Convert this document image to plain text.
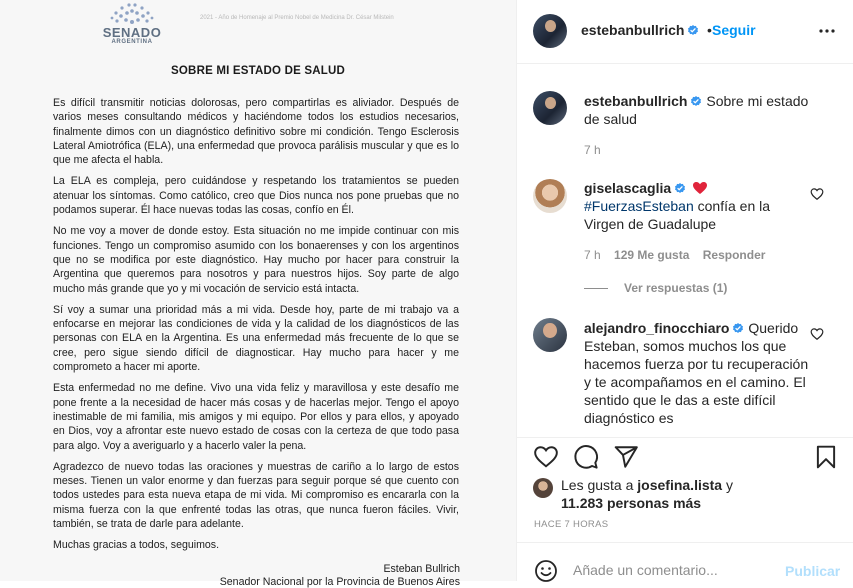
SENADO
ARGENTINA
2021 - Año de Homenaje al Premio Nobel de Medicina Dr. César Milstein
SOBRE MI ESTADO DE SALUD

Es difícil transmitir noticias dolorosas, pero compartirlas es aliviador. Después de varios meses consultando médicos y haciéndome todos los estudios necesarios, finalmente dimos con un diagnóstico definitivo sobre mi condición. Tengo Esclerosis Lateral Amiotrófica (ELA), una enfermedad que provoca parálisis muscular y que es lo que me afecta el habla.

La ELA es compleja, pero cuidándose y respetando los tratamientos se pueden atenuar los síntomas. Como católico, creo que Dios nunca nos pone pruebas que no podamos superar. Él hace nuevas todas las cosas, confío en Él.

No me voy a mover de donde estoy. Esta situación no me impide continuar con mis funciones. Tengo un compromiso asumido con los bonaerenses y con los argentinos que no se modifica por este diagnóstico. Hay mucho por hacer para construir la Argentina que queremos para nosotros y para nuestros hijos. Soy parte de algo mucho más grande que yo y mi vocación de servicio está intacta.

Sí voy a sumar una prioridad más a mi vida. Desde hoy, parte de mi trabajo va a enfocarse en mejorar las condiciones de vida y la calidad de los diagnósticos de las personas con ELA en la Argentina. Es una enfermedad más frecuente de lo que se cree, pero sigue siendo difícil de diagnosticar. Hay mucho para hacer y me comprometo a hacer mi aporte.

Esta enfermedad no me define. Vivo una vida feliz y maravillosa y este desafío me pone frente a la necesidad de hacer más cosas y de hacerlas mejor. Tengo el apoyo inestimable de mi familia, mis amigos y mi equipo. Por ellos y para ellos, y apoyado en Dios, voy a afrontar este nuevo estado de cosas con la certeza de que todo pasa para algo. Voy a averiguarlo y a hacerlo valer la pena.

Agradezco de nuevo todas las oraciones y muestras de cariño a lo largo de estos meses. Tienen un valor enorme y dan fuerzas para seguir porque sé que cuento con todos ustedes para esta nueva etapa de mi vida. Mi compromiso es encararla con la misma fuerza con la que enfrenté todas las otras, que nunca fueron fáciles. Vivir, también, se trata de darle para adelante.

Muchas gracias a todos, seguimos.

Esteban Bullrich
Senador Nacional por la Provincia de Buenos Aires
estebanbullrich	• Seguir
estebanbullrich Sobre mi estado de salud
7 h
giselascaglia
#FuerzasEsteban confía en la Virgen de Guadalupe
7 h 129 Me gusta Responder
Ver respuestas (1)
alejandro_finocchiaro Querido Esteban, somos muchos los que hacemos fuerza por tu recuperación y te acompañamos en el camino. El sentido que le das a este difícil diagnóstico es
Les gusta a josefina.lista y
11.283 personas más
HACE 7 HORAS
Añade un comentario...
Publicar
